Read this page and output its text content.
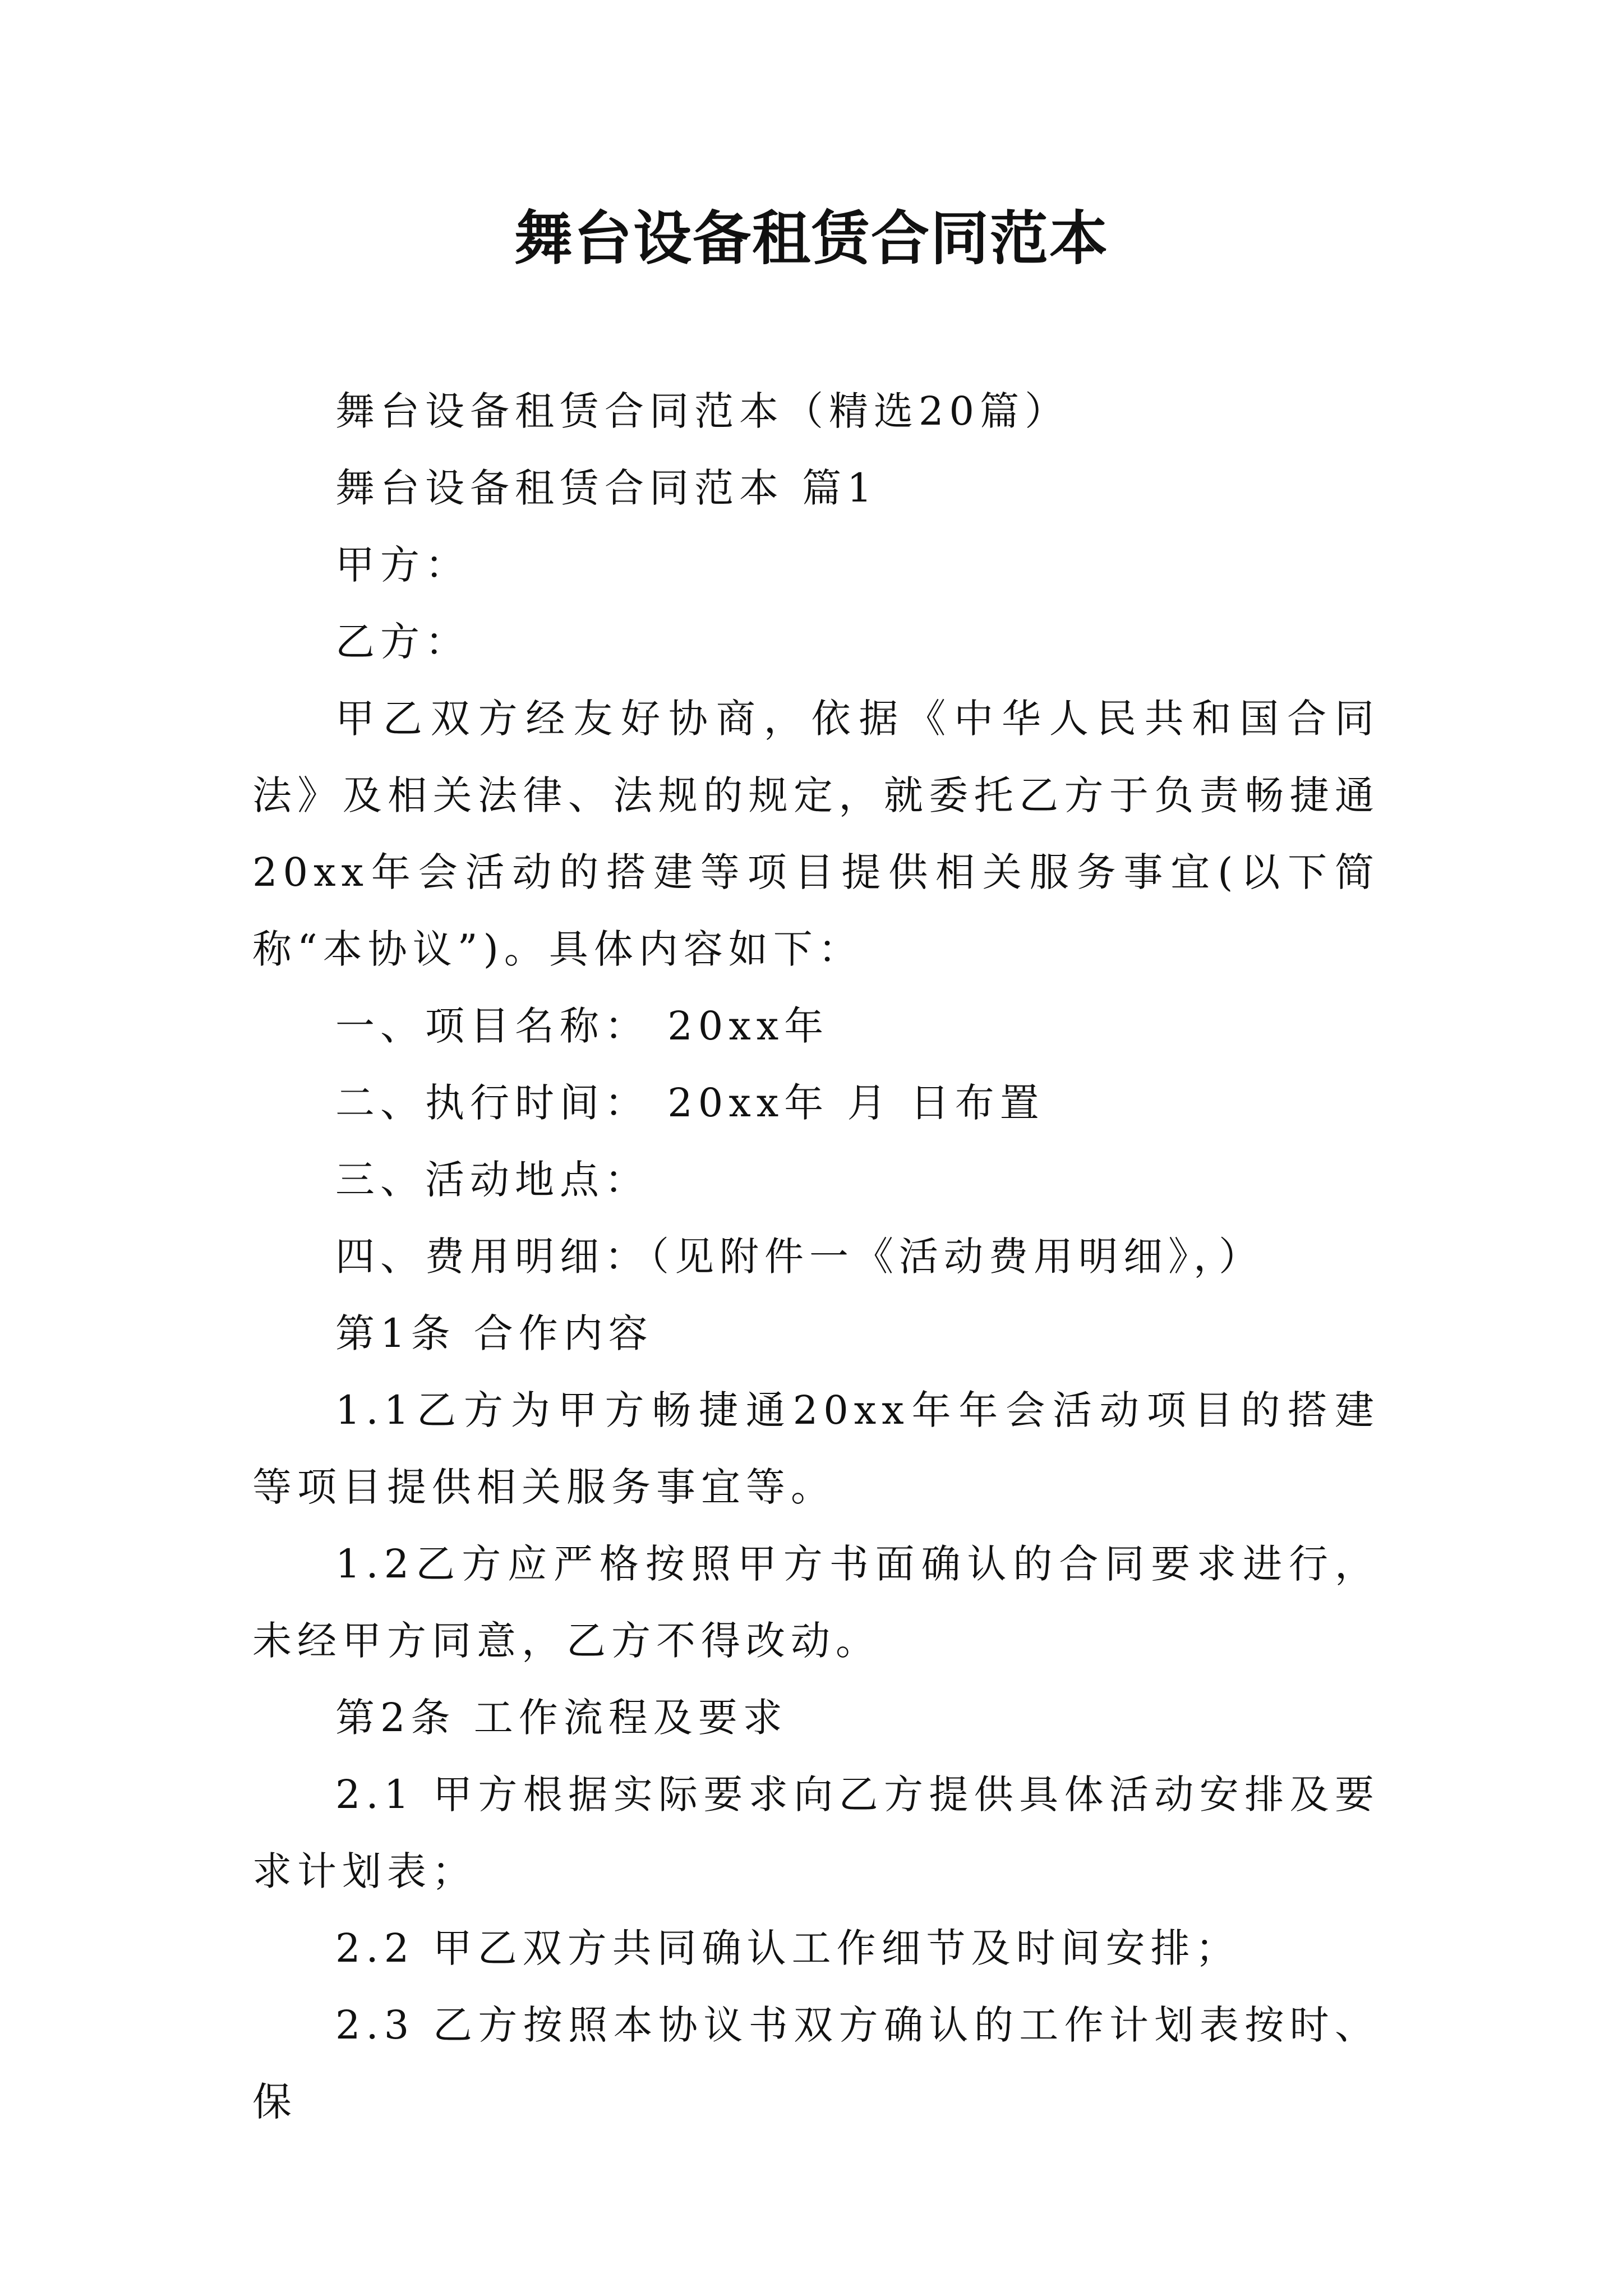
舞台设备租赁合同范本

舞台设备租赁合同范本（精选20篇）

舞台设备租赁合同范本 篇1

甲方：

乙方：

甲乙双方经友好协商，依据《中华人民共和国合同法》及相关法律、法规的规定，就委托乙方于负责畅捷通20xx年会活动的搭建等项目提供相关服务事宜(以下简称“本协议”)。具体内容如下：

一、项目名称： 20xx年

二、执行时间： 20xx年 月 日布置

三、活动地点：

四、费用明细：（见附件一《活动费用明细》，）

第1条 合作内容

1.1乙方为甲方畅捷通20xx年年会活动项目的搭建等项目提供相关服务事宜等。

1.2乙方应严格按照甲方书面确认的合同要求进行，未经甲方同意，乙方不得改动。

第2条 工作流程及要求

2.1 甲方根据实际要求向乙方提供具体活动安排及要求计划表；

2.2 甲乙双方共同确认工作细节及时间安排；

2.3 乙方按照本协议书双方确认的工作计划表按时、保
